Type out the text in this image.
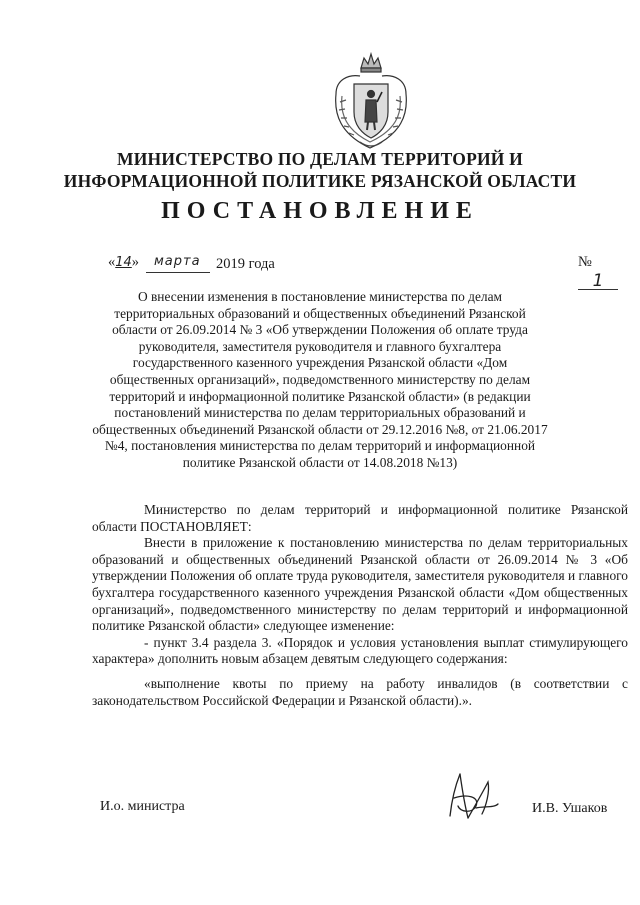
МИНИСТЕРСТВО ПО ДЕЛАМ ТЕРРИТОРИЙ И
ИНФОРМАЦИОННОЙ ПОЛИТИКЕ РЯЗАНСКОЙ ОБЛАСТИ
ПОСТАНОВЛЕНИЕ
«14» марта 2019 года	№ 1
О внесении изменения в постановление министерства по делам территориальных образований и общественных объединений Рязанской области от 26.09.2014 № 3 «Об утверждении Положения об оплате труда руководителя, заместителя руководителя и главного бухгалтера государственного казенного учреждения Рязанской области «Дом общественных организаций», подведомственного министерству по делам территорий и информационной политике Рязанской области» (в редакции постановлений министерства по делам территориальных образований и общественных объединений Рязанской области от 29.12.2016 №8, от 21.06.2017 №4, постановления министерства по делам территорий и информационной политике Рязанской области от 14.08.2018 №13)

Министерство по делам территорий и информационной политике Рязанской области ПОСТАНОВЛЯЕТ:

Внести в приложение к постановлению министерства по делам территориальных образований и общественных объединений Рязанской области от 26.09.2014 № 3 «Об утверждении Положения об оплате труда руководителя, заместителя руководителя и главного бухгалтера государственного казенного учреждения Рязанской области «Дом общественных организаций», подведомственного министерству по делам территорий и информационной политике Рязанской области» следующее изменение:

- пункт 3.4 раздела 3. «Порядок и условия установления выплат стимулирующего характера» дополнить новым абзацем девятым следующего содержания:

«выполнение квоты по приему на работу инвалидов (в соответствии с законодательством Российской Федерации и Рязанской области).».

И.о. министра	И.В. Ушаков
